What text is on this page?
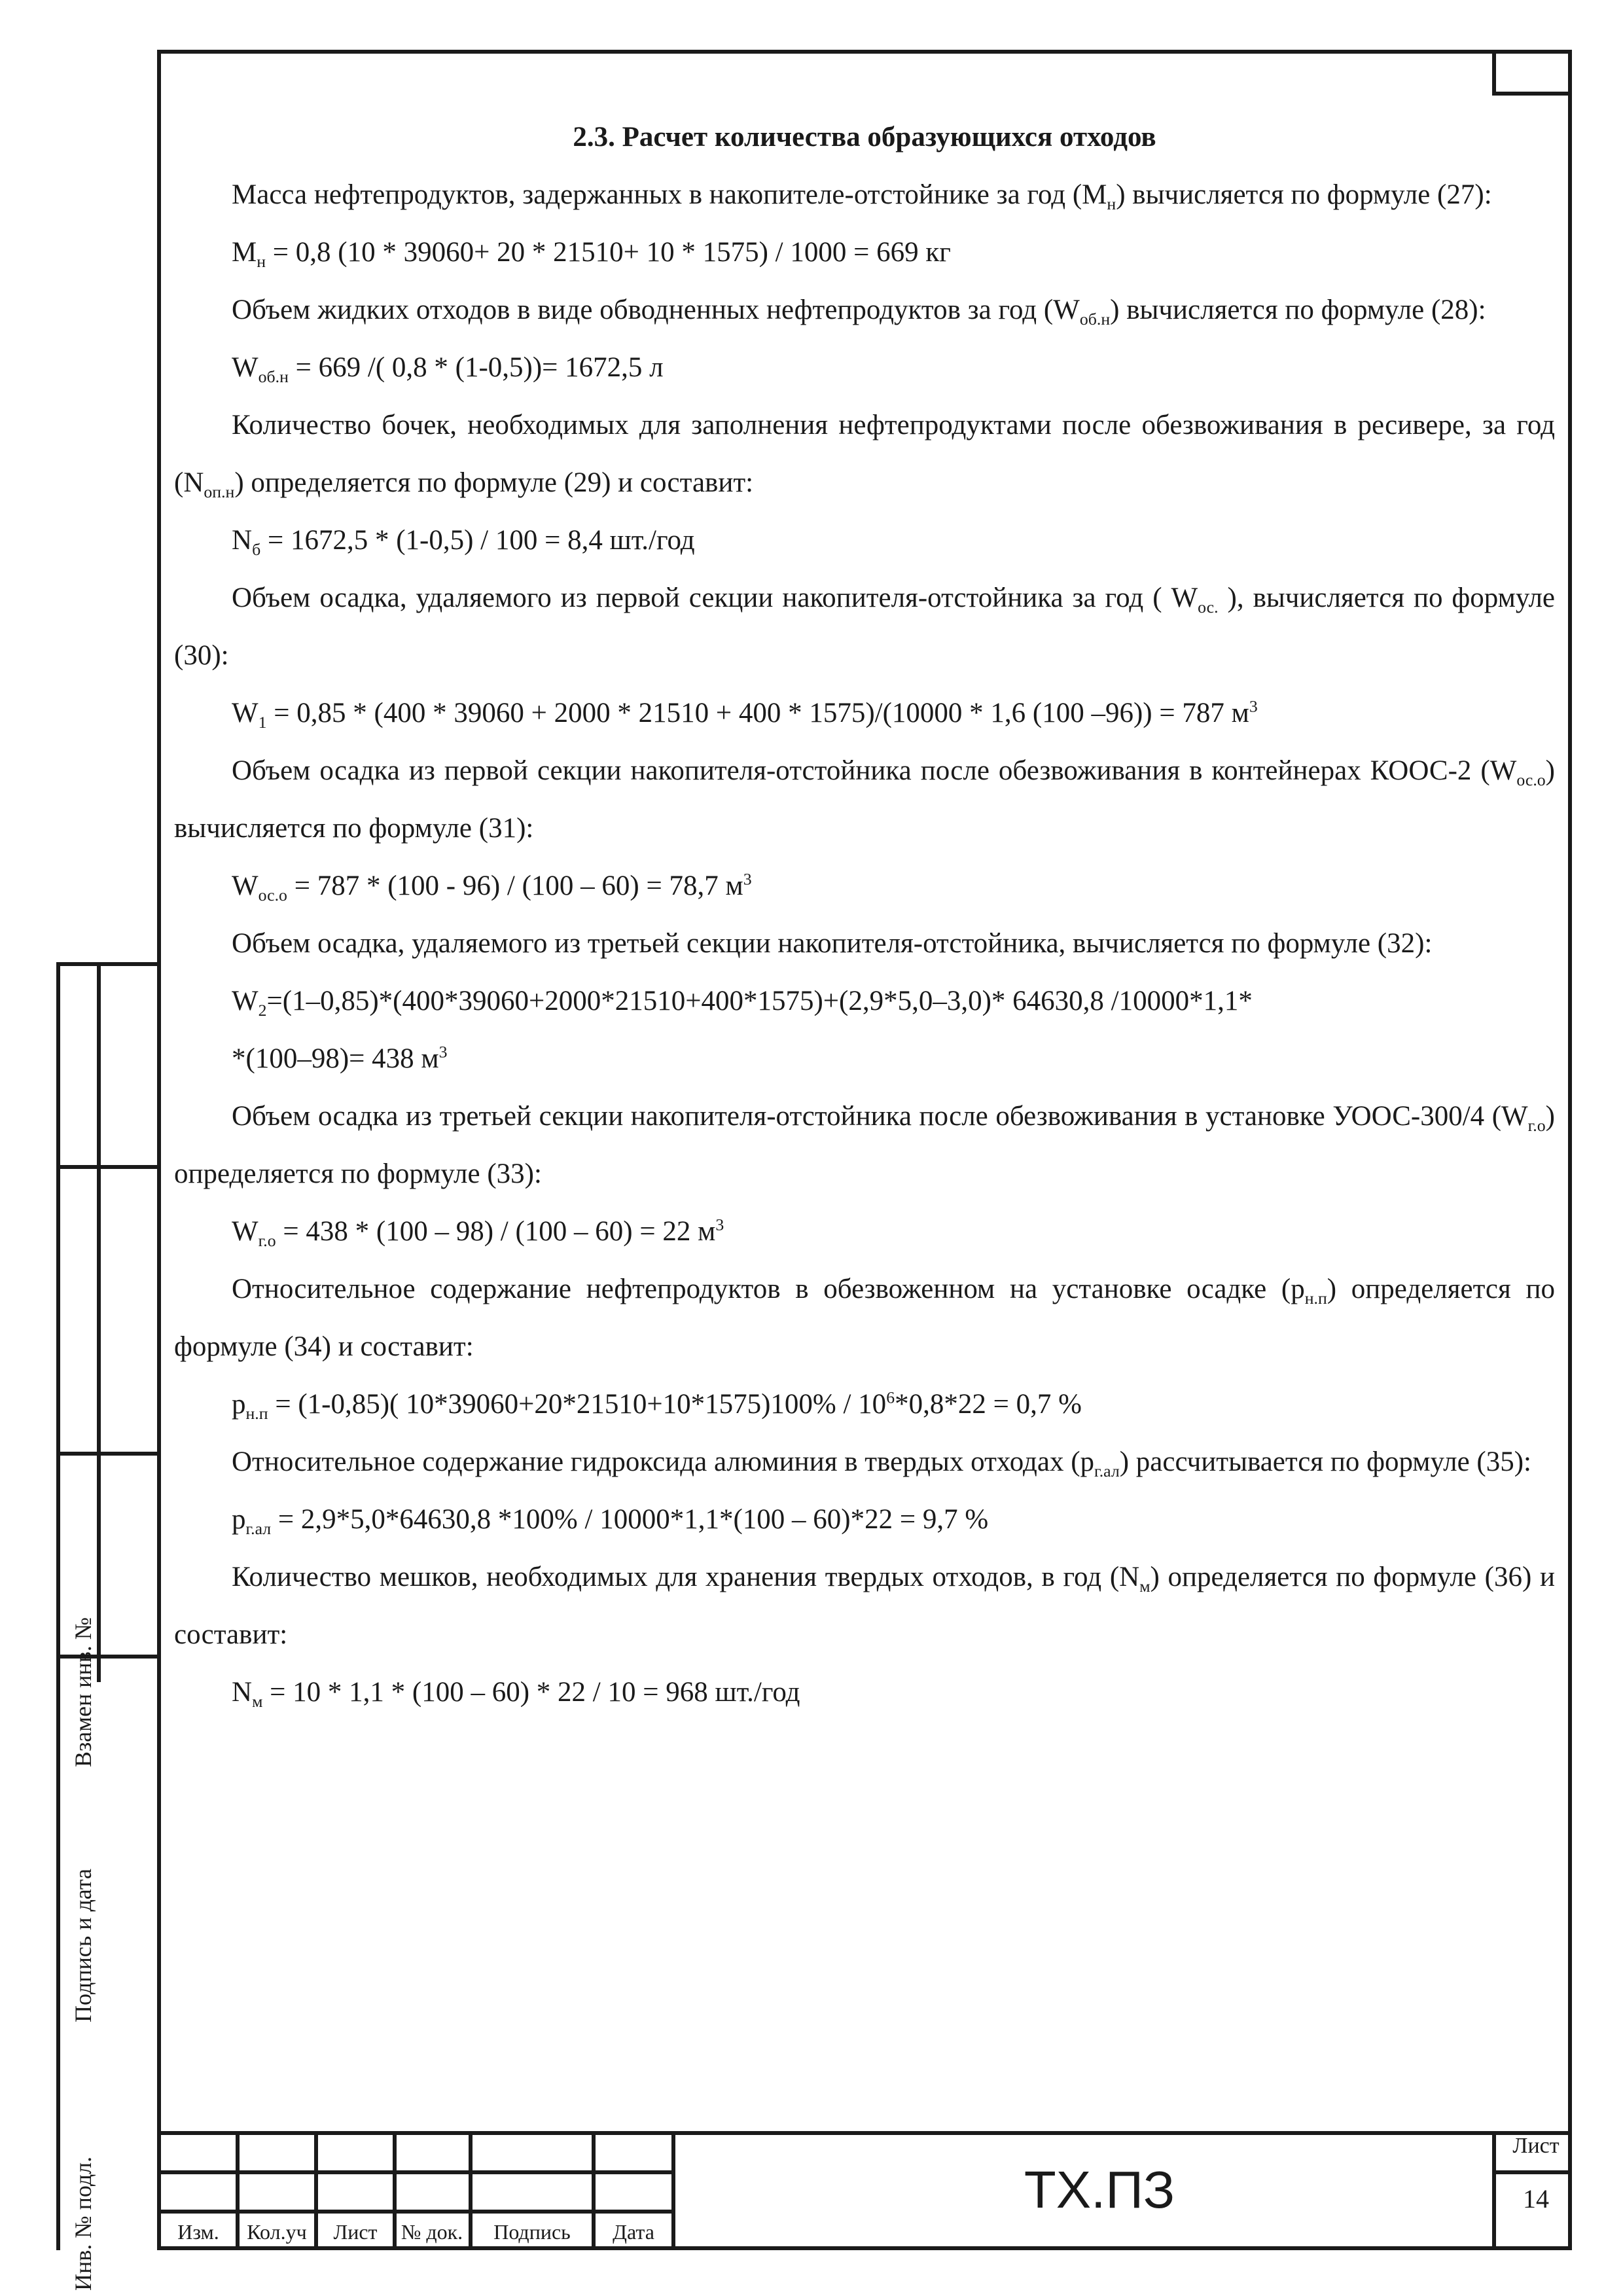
2.3. Расчет количества образующихся отходов

Масса нефтепродуктов, задержанных в накопителе-отстойнике за год $(М_н)$ вычисляется по формуле (27):

$М_н = 0,8$ (10 * 39060+ 20 * 21510+ 10 * 1575) / 1000 = 669 кг

Объем жидких отходов в виде обводненных нефтепродуктов за год $(W_{об.н})$ вычисляется по формуле (28):

$W_{об.н} = 669$ /( 0,8 * (1-0,5))= 1672,5 л

Количество бочек, необходимых для заполнения нефтепродуктами после обезвоживания в ресивере, за год $(N_{оп.н})$ определяется по формуле (29) и составит:

$N_б = 1672,5 * (1-0,5) / 100 = 8,4$ шт./год

Объем осадка, удаляемого из первой секции накопителя-отстойника за год ( $W_{ос.}$ ), вычисляется по формуле (30):

$W_1 = 0,85 * (400 * 39060 + 2000 * 21510 + 400 * 1575)/(10000 * 1,6$ (100 –96)) = 787 $м^3$

Объем осадка из первой секции накопителя-отстойника после обезвоживания в контейнерах КООС-2 $(W_{ос.о})$ вычисляется по формуле (31):

$W_{ос.о} = 787 * (100 - 96) / (100 - 60) = 78,7$ $м^3$

Объем осадка, удаляемого из третьей секции накопителя-отстойника, вычисляется по формуле (32):

$W_2=(1-0,85)*(400*39060+2000*21510+400*1575)+(2,9*5,0-3,0)*$ 64630,8 /10000*1,1*

*(100–98)= 438 $м^3$

Объем осадка из третьей секции накопителя-отстойника после обезвоживания в установке УООС-300/4 $(W_{г.о})$ определяется по формуле (33):

$W_{г.о} = 438 * (100 - 98) / (100 - 60) = 22$ $м^3$

Относительное содержание нефтепродуктов в обезвоженном на установке осадке $(р_{н.п})$ определяется по формуле (34) и составит:

$р_{н.п} = (1-0,85)$( $10*39060+20*21510+10*1575)100\% / 10^6*0,8*22 = 0,7$ %

Относительное содержание гидроксида алюминия в твердых отходах $(р_{г.ал})$ рассчитывается по формуле (35):

$р_{г.ал} = 2,9*5,0*64630,8$ *100% / 10000*1,1*(100 – 60)*22 = 9,7 %

Количество мешков, необходимых для хранения твердых отходов, в год $(N_м)$ определяется по формуле (36) и составит:

$N_м = 10 * 1,1 * (100 - 60) * 22 / 10 = 968$ шт./год

Взамен инв. №
Подпись и дата
Инв. № подл.	Изм.	Кол.уч	Лист	№ док.	Подпись	Дата
ТХ.ПЗ
Лист
14
